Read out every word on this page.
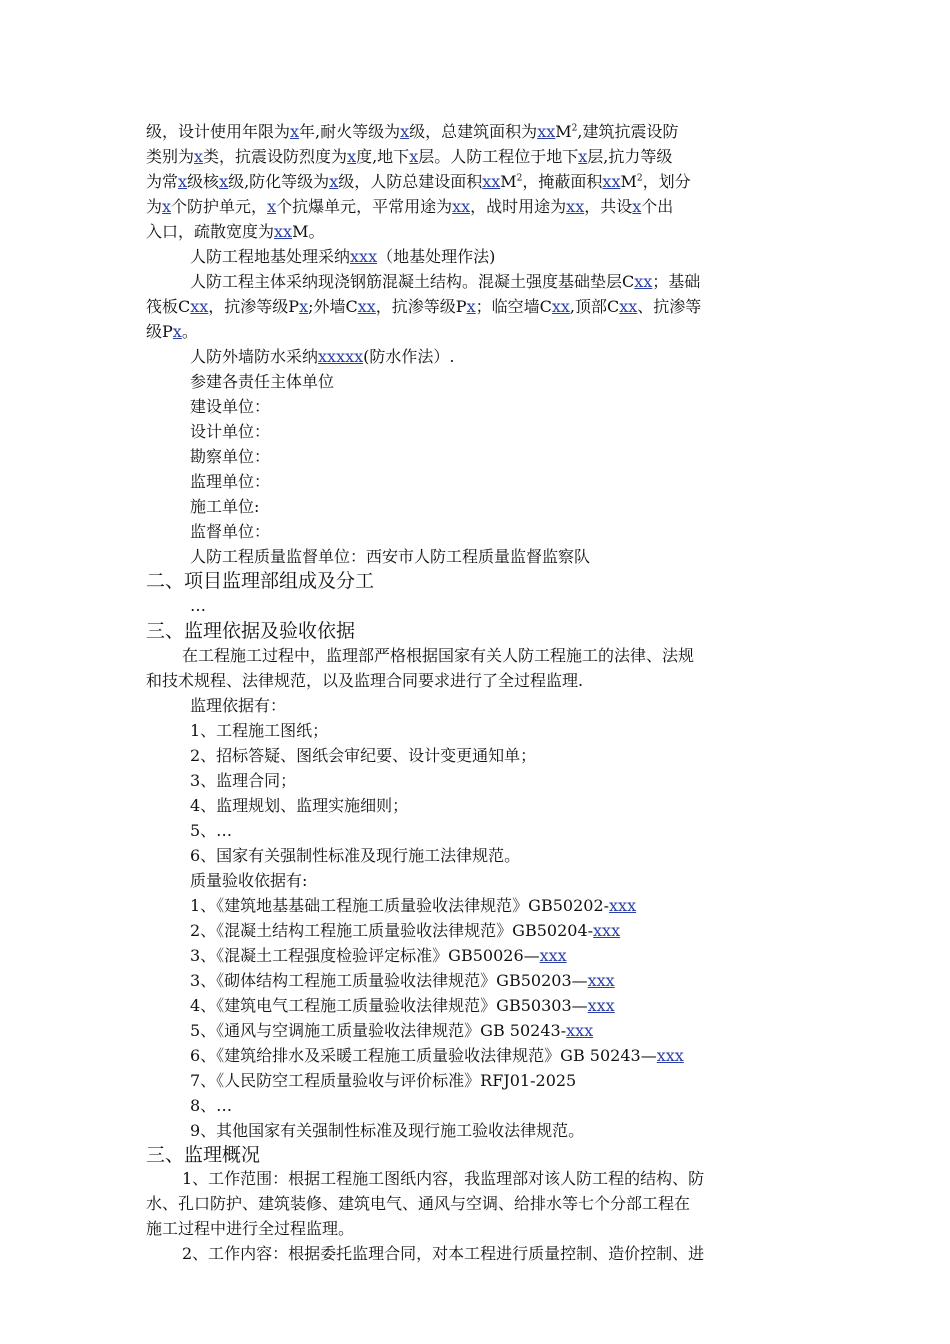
级，设计使用年限为x年,耐火等级为x级，总建筑面积为xxM$^2$,建筑抗震设防
类别为x类，抗震设防烈度为x度,地下x层。人防工程位于地下x层,抗力等级
为常x级核x级,防化等级为x级，人防总建设面积xxM$^2$，掩蔽面积xxM$^2$，划分
为x个防护单元，x个抗爆单元，平常用途为xx，战时用途为xx，共设x个出
入口，疏散宽度为xxM。
人防工程地基处理采纳xxx（地基处理作法)
人防工程主体采纳现浇钢筋混凝土结构。混凝土强度基础垫层Cxx；基础
筏板Cxx，抗渗等级Px;外墙Cxx，抗渗等级Px；临空墙Cxx,顶部Cxx、抗渗等
级Px。
人防外墙防水采纳xxxxx(防水作法）.
参建各责任主体单位
建设单位：
设计单位：
勘察单位：
监理单位：
施工单位:
监督单位：
人防工程质量监督单位：西安市人防工程质量监督监察队
二、项目监理部组成及分工
…
三、监理依据及验收依据
在工程施工过程中，监理部严格根据国家有关人防工程施工的法律、法规
和技术规程、法律规范，以及监理合同要求进行了全过程监理.
监理依据有：
1、工程施工图纸；
2、招标答疑、图纸会审纪要、设计变更通知单；
3、监理合同；
4、监理规划、监理实施细则；
5、…
6、国家有关强制性标准及现行施工法律规范。
质量验收依据有:
1、《建筑地基基础工程施工质量验收法律规范》GB50202-xxx
2、《混凝土结构工程施工质量验收法律规范》GB50204-xxx
3、《混凝土工程强度检验评定标准》GB50026—xxx
3、《砌体结构工程施工质量验收法律规范》GB50203—xxx
4、《建筑电气工程施工质量验收法律规范》GB50303—xxx
5、《通风与空调施工质量验收法律规范》GB 50243-xxx
6、《建筑给排水及采暖工程施工质量验收法律规范》GB 50243—xxx
7、《人民防空工程质量验收与评价标准》RFJ01-2025
8、…
9、其他国家有关强制性标准及现行施工验收法律规范。
三、监理概况
1、工作范围：根据工程施工图纸内容，我监理部对该人防工程的结构、防
水、孔口防护、建筑装修、建筑电气、通风与空调、给排水等七个分部工程在
施工过程中进行全过程监理。
2、工作内容：根据委托监理合同，对本工程进行质量控制、造价控制、进
